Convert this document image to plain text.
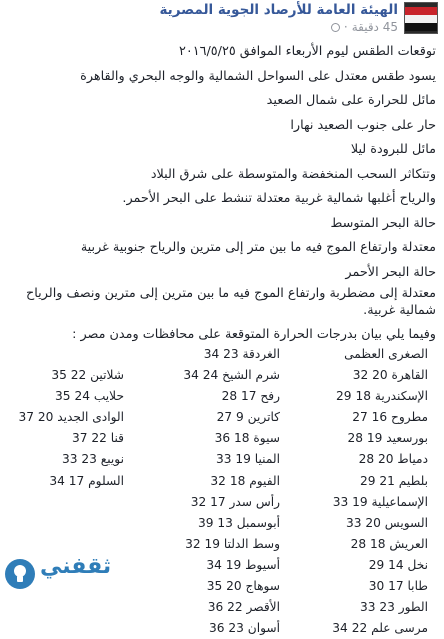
الهيئة العامة للأرصاد الجوية المصرية
45 دقيقة
·
توقعات الطقس ليوم الأربعاء الموافق ٢٠١٦/٥/٢٥
يسود طقس معتدل على السواحل الشمالية والوجه البحري والقاهرة
مائل للحرارة على شمال الصعيد
حار على جنوب الصعيد نهارا
مائل للبرودة ليلا
وتتكاثر السحب المنخفضة والمتوسطة على شرق البلاد
والرياح أغلبها شمالية غربية معتدلة تنشط على البحر الأحمر.
حالة البحر المتوسط
معتدلة وارتفاع الموج فيه ما بين متر إلى مترين والرياح جنوبية غربية
حالة البحر الأحمر
معتدلة إلى مضطربة وارتفاع الموج فيه ما بين مترين إلى مترين ونصف والرياح شمالية غربية.
وفيما يلي بيان بدرجات الحرارة المتوقعة على محافظات ومدن مصر :
الصغرى العظمى
القاهرة 20 32
الإسكندرية 18 29
مطروح 16 27
بورسعيد 19 28
دمياط 20 28
بلطيم 21 29
الإسماعيلية 19 33
السويس 20 33
العريش 18 28
نخل 14 29
طابا 17 30
الطور 23 33
مرسى علم 22 34
الغردقة 23 34
شرم الشيخ 24 34
رفح 17 28
كاترين 9 27
سيوة 18 36
المنيا 19 33
الفيوم 18 32
رأس سدر 17 32
أبوسمبل 13 39
وسط الدلتا 19 32
أسيوط 19 34
سوهاج 20 35
الأقصر 22 36
أسوان 23 36
شلاتين 22 35
حلايب 24 35
الوادى الجديد 20 37
قنا 22 37
نويبع 23 33
السلوم 17 34
ثقفني
